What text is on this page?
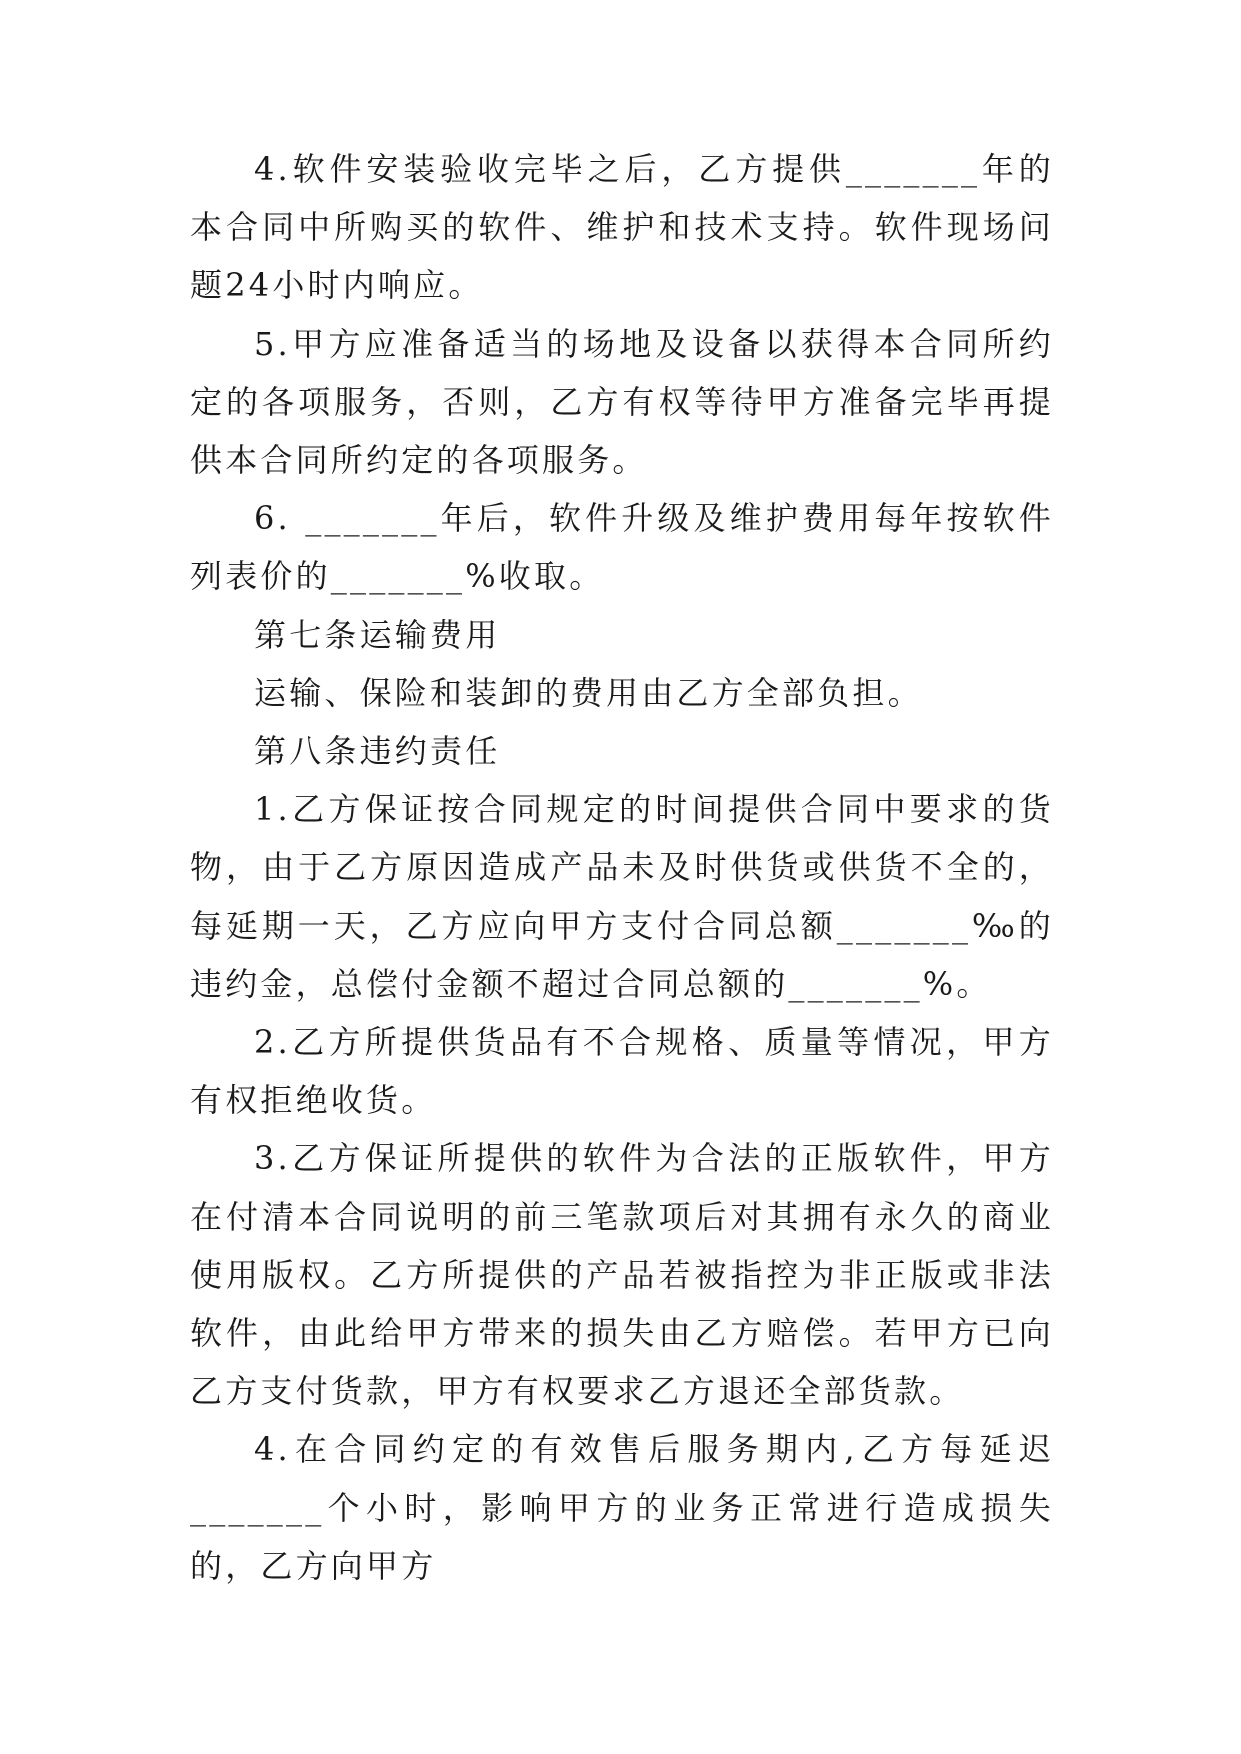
4.软件安装验收完毕之后，乙方提供_______年的本合同中所购买的软件、维护和技术支持。软件现场问题24小时内响应。

5.甲方应准备适当的场地及设备以获得本合同所约定的各项服务，否则，乙方有权等待甲方准备完毕再提供本合同所约定的各项服务。

6. _______年后，软件升级及维护费用每年按软件列表价的_______%收取。

第七条运输费用

运输、保险和装卸的费用由乙方全部负担。

第八条违约责任

1.乙方保证按合同规定的时间提供合同中要求的货物，由于乙方原因造成产品未及时供货或供货不全的，每延期一天，乙方应向甲方支付合同总额_______‰的违约金，总偿付金额不超过合同总额的_______%。

2.乙方所提供货品有不合规格、质量等情况，甲方有权拒绝收货。

3.乙方保证所提供的软件为合法的正版软件，甲方在付清本合同说明的前三笔款项后对其拥有永久的商业使用版权。乙方所提供的产品若被指控为非正版或非法软件，由此给甲方带来的损失由乙方赔偿。若甲方已向乙方支付货款，甲方有权要求乙方退还全部货款。

4.在合同约定的有效售后服务期内,乙方每延迟_______个小时，影响甲方的业务正常进行造成损失的，乙方向甲方
